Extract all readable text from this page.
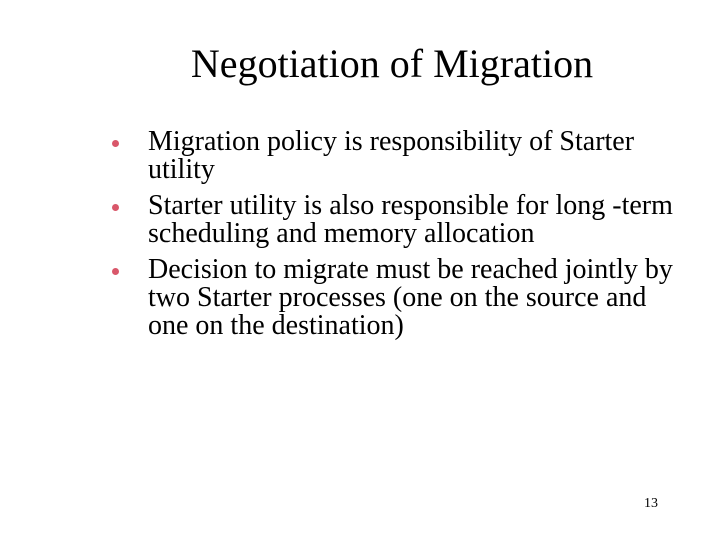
Negotiation of Migration
Migration policy is responsibility of Starter utility
Starter utility is also responsible for long -term scheduling and memory allocation
Decision to migrate must be reached jointly by two Starter processes (one on the source and one on the destination)
13
